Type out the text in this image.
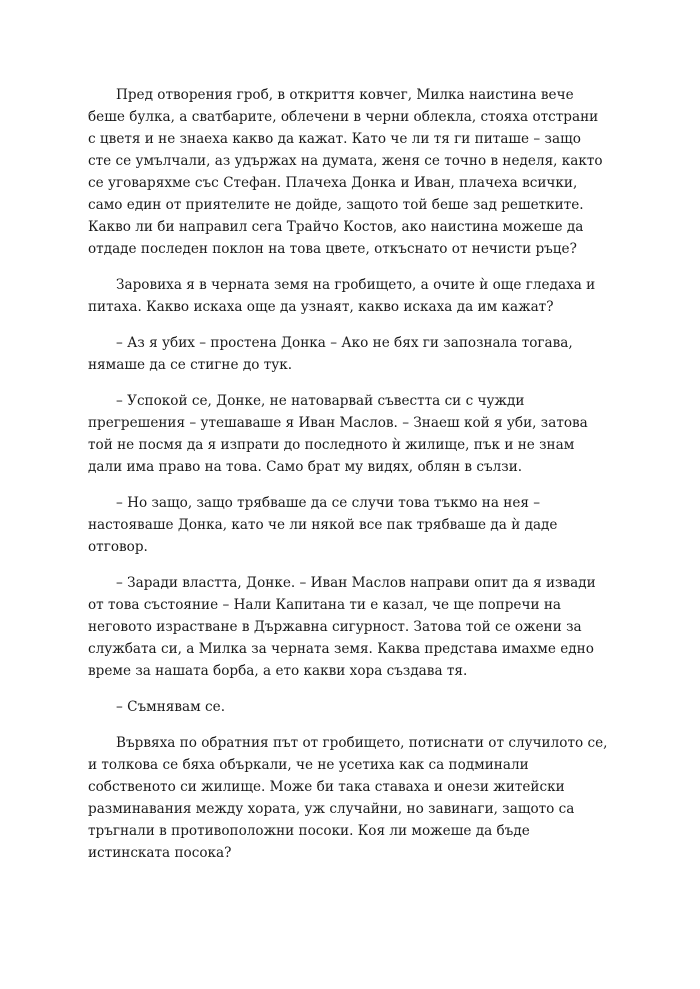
Пред отворения гроб, в откриття ковчег, Милка наистина вече беше булка, а сватбарите, облечени в черни облекла, стояха отстрани с цветя и не знаеха какво да кажат. Като че ли тя ги питаше – защо сте се умълчали, аз удържах на думата, женя се точно в неделя, както се уговаряхме със Стефан. Плачеха Донка и Иван, плачеха всички, само един от приятелите не дойде, защото той беше зад решетките. Какво ли би направил сега Трайчо Костов, ако наистина можеше да отдаде последен поклон на това цвете, откъснато от нечисти ръце?

Заровиха я в черната земя на гробището, а очите ѝ още гледаха и питаха. Какво искаха още да узнаят, какво искаха да им кажат?

– Аз я убих – простена Донка – Ако не бях ги запознала тогава, нямаше да се стигне до тук.

– Успокой се, Донке, не натоварвай съвестта си с чужди прегрешения – утешаваше я Иван Маслов. – Знаеш кой я уби, затова той не посмя да я изпрати до последното ѝ жилище, пък и не знам дали има право на това. Само брат му видях, облян в сълзи.

– Но защо, защо трябваше да се случи това тъкмо на нея – настояваше Донка, като че ли някой все пак трябваше да ѝ даде отговор.

– Заради властта, Донке. – Иван Маслов направи опит да я извади от това състояние – Нали Капитана ти е казал, че ще попречи на неговото израстване в Държавна сигурност. Затова той се ожени за службата си, а Милка за черната земя. Каква представа имахме едно време за нашата борба, а ето какви хора създава тя.

– Съмнявам се.

Вървяха по обратния път от гробището, потиснати от случилото се, и толкова се бяха объркали, че не усетиха как са подминали собственото си жилище. Може би така ставаха и онези житейски разминавания между хората, уж случайни, но завинаги, защото са тръгнали в противоположни посоки. Коя ли можеше да бъде истинската посока?
